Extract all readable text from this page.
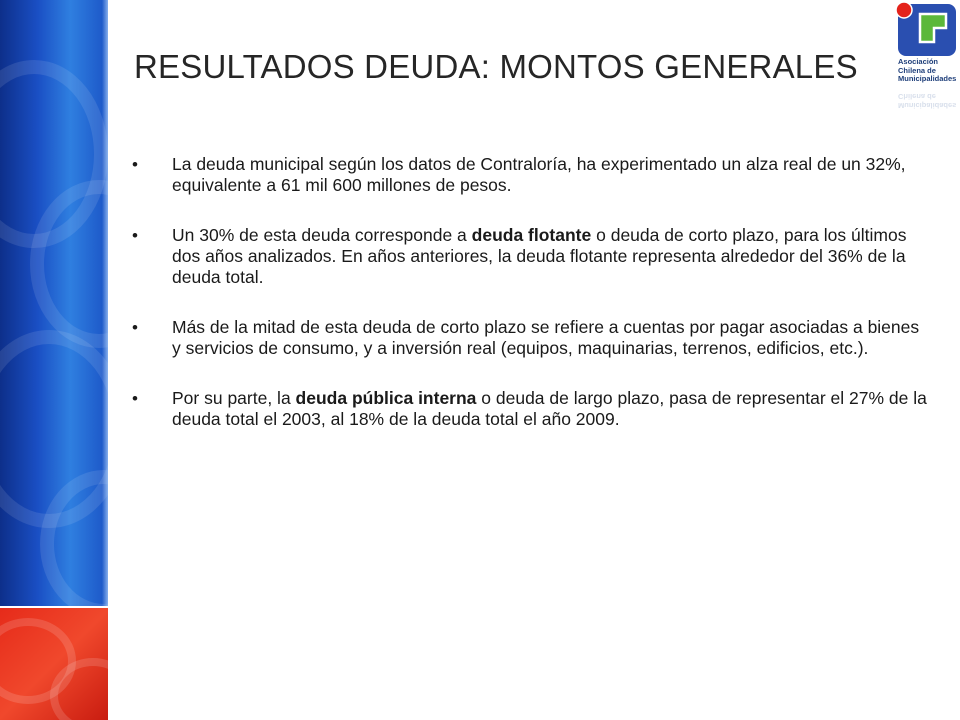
RESULTADOS DEUDA: MONTOS GENERALES
• La deuda municipal según los datos de Contraloría, ha experimentado un alza real de un 32%, equivalente a 61 mil 600 millones de pesos.
• Un 30% de esta deuda corresponde a deuda flotante o deuda de corto plazo, para los últimos dos años analizados. En años anteriores, la deuda flotante representa alrededor del 36% de la deuda total.
• Más de la mitad de esta deuda de corto plazo se refiere a cuentas por pagar asociadas a bienes y servicios de consumo, y a inversión real (equipos, maquinarias, terrenos, edificios, etc.).
• Por su parte, la deuda pública interna o deuda de largo plazo, pasa de representar el 27% de la deuda total el 2003, al 18% de la deuda total el año 2009.
Asociación
Chilena de
Municipalidades
Municipalidades
Chilena de
